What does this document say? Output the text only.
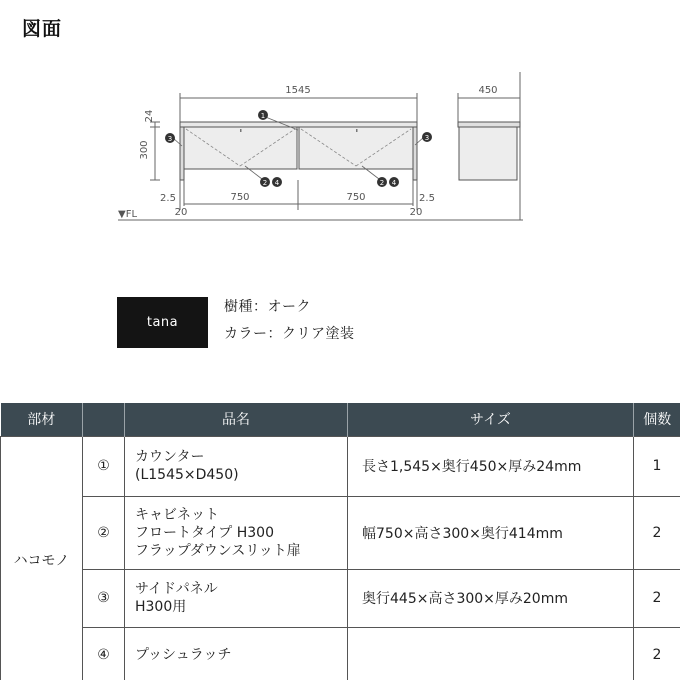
図面
1545
24
300
1
3	3
2 4	2 4
2.5	2.5
750	750
20	20
▼FL
450
tana
樹種：オーク
カラー：クリア塗装
部材		品名	サイズ	個数
ハコモノ	①	カウンター
(L1545×D450)	長さ1,545×奥行450×厚み24mm	1
	②	キャビネット
フロートタイプ H300
フラップダウンスリット扉	幅750×高さ300×奥行414mm	2
	③	サイドパネル
H300用	奥行445×高さ300×厚み20mm	2
	④	プッシュラッチ		2
